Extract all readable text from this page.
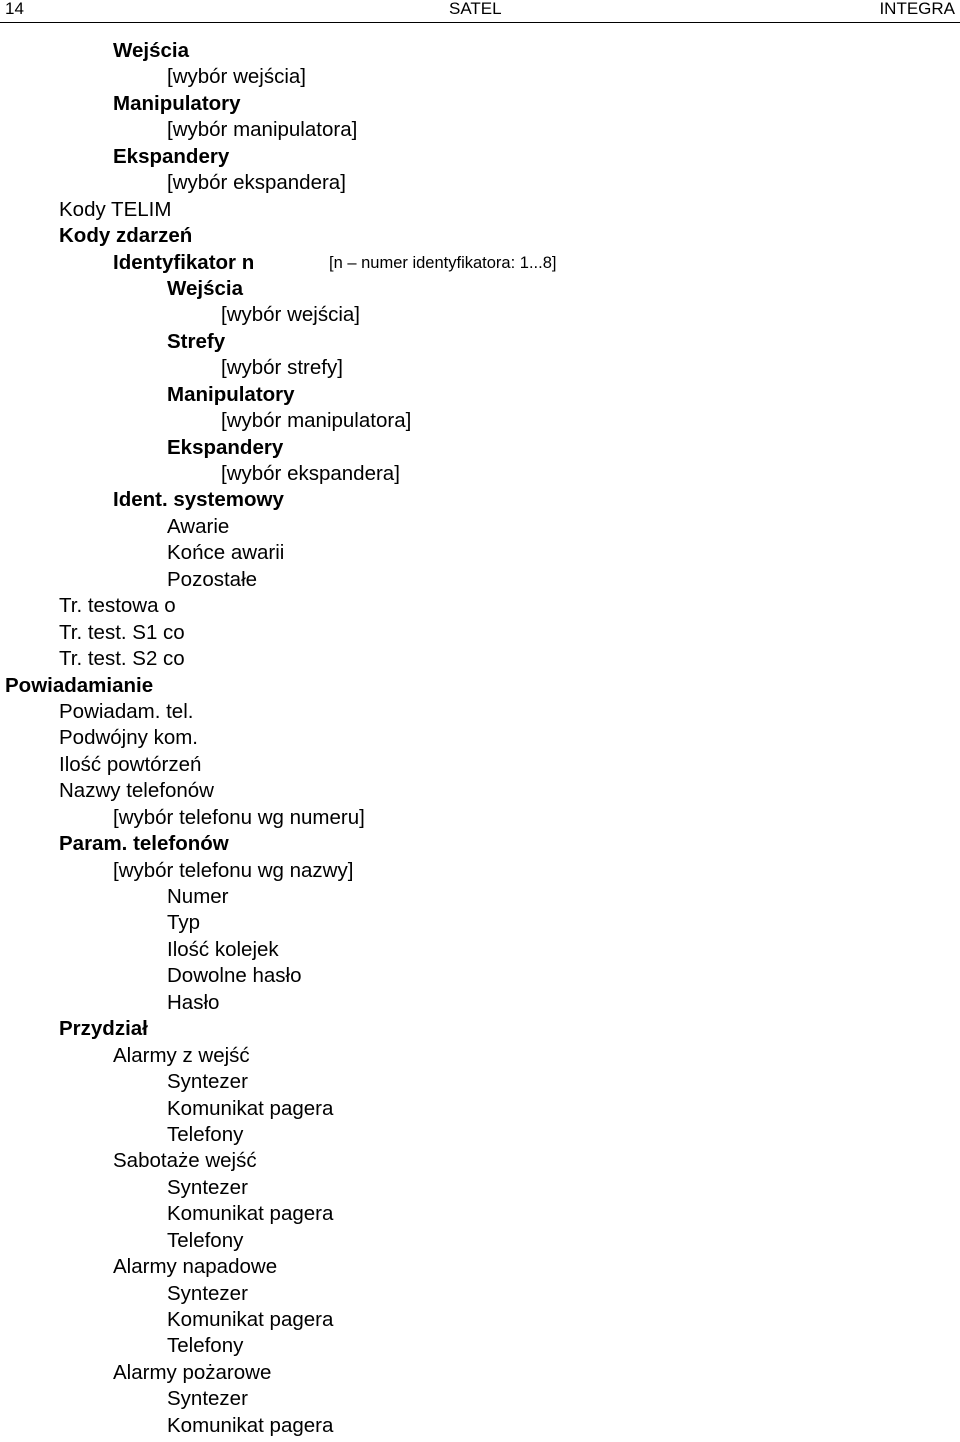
14	SATEL	INTEGRA
Wejścia
[wybór wejścia]
Manipulatory
[wybór manipulatora]
Ekspandery
[wybór ekspandera]
Kody TELIM
Kody zdarzeń
Identyfikator n	[n – numer identyfikatora: 1...8]
Wejścia
[wybór wejścia]
Strefy
[wybór strefy]
Manipulatory
[wybór manipulatora]
Ekspandery
[wybór ekspandera]
Ident. systemowy
Awarie
Końce awarii
Pozostałe
Tr. testowa o
Tr. test. S1 co
Tr. test. S2 co
Powiadamianie
Powiadam. tel.
Podwójny kom.
Ilość powtórzeń
Nazwy telefonów
[wybór telefonu wg numeru]
Param. telefonów
[wybór telefonu wg nazwy]
Numer
Typ
Ilość kolejek
Dowolne hasło
Hasło
Przydział
Alarmy z wejść
Syntezer
Komunikat pagera
Telefony
Sabotaże wejść
Syntezer
Komunikat pagera
Telefony
Alarmy napadowe
Syntezer
Komunikat pagera
Telefony
Alarmy pożarowe
Syntezer
Komunikat pagera
